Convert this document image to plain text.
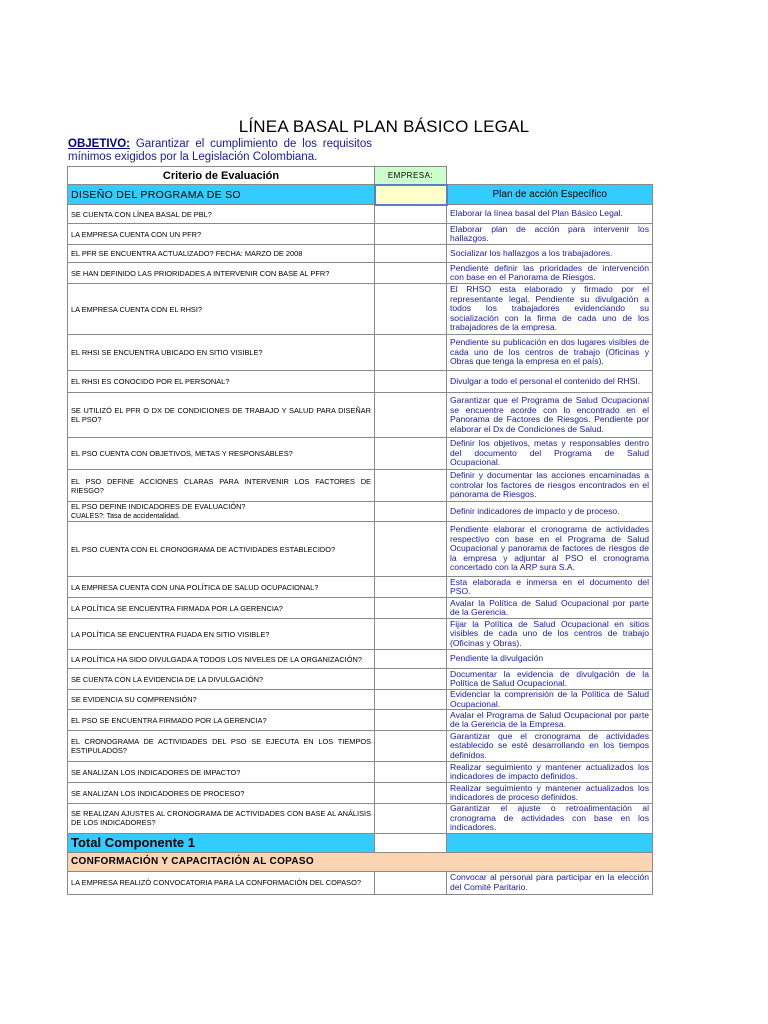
LÍNEA BASAL PLAN BÁSICO LEGAL
OBJETIVO: Garantizar el cumplimiento de los requisitos mínimos exigidos por la Legislación Colombiana.
Criterio de Evaluación	EMPRESA:	
DISEÑO DEL PROGRAMA DE SO		Plan de acción Específico
SE CUENTA CON LÍNEA BASAL DE PBL?		Elaborar la línea basal del Plan Básico Legal.
LA EMPRESA CUENTA CON UN PFR?		Elaborar plan de acción para intervenir los hallazgos.
EL PFR SE ENCUENTRA ACTUALIZADO? FECHA: MARZO DE 2008		Socializar los hallazgos a los trabajadores.
SE HAN DEFINIDO LAS PRIORIDADES A INTERVENIR CON BASE AL PFR?		Pendiente definir las prioridades de intervención con base en el Panorama de Riesgos.
LA EMPRESA CUENTA CON EL RHSI?		El RHSO esta elaborado y firmado por el representante legal. Pendiente su divulgación a todos los trabajadores evidenciando su socialización con la firma de cada uno de los trabajadores de la empresa.
EL RHSI SE ENCUENTRA UBICADO EN SITIO VISIBLE?		Pendiente su publicación en dos lugares visibles de cada uno de los centros de trabajo (Oficinas y Obras que tenga la empresa en el país).
EL RHSI ES CONOCIDO POR EL PERSONAL?		Divulgar a todo el personal el contenido del RHSI.
SE UTILIZÓ EL PFR O DX DE CONDICIONES DE TRABAJO Y SALUD PARA DISEÑAR EL PSO?		Garantizar que el Programa de Salud Ocupacional se encuentre acorde con lo encontrado en el Panorama de Factores de Riesgos. Pendiente por elaborar el Dx de Condiciones de Salud.
EL PSO CUENTA CON OBJETIVOS, METAS Y RESPONSABLES?		Definir los objetivos, metas y responsables dentro del documento del Programa de Salud Ocupacional.
EL PSO DEFINE ACCIONES CLARAS PARA INTERVENIR LOS FACTORES DE RIESGO?		Definir y documentar las acciones encaminadas a controlar los factores de riesgos encontrados en el panorama de Riesgos.
EL PSO DEFINE INDICADORES DE EVALUACIÓN?
CUALES?: Tasa de accidentalidad.		Definir indicadores de impacto y de proceso.
EL PSO CUENTA CON EL CRONOGRAMA DE ACTIVIDADES ESTABLECIDO?		Pendiente elaborar el cronograma de actividades respectivo con base en el Programa de Salud Ocupacional y panorama de factores de riesgos de la empresa y adjuntar al PSO el cronograma concertado con la ARP sura S.A.
LA EMPRESA CUENTA CON UNA POLÍTICA DE SALUD OCUPACIONAL?		Esta elaborada e inmersa en el documento del PSO.
LA POLÍTICA SE ENCUENTRA FIRMADA POR LA GERENCIA?		Avalar la Política de Salud Ocupacional por parte de la Gerencia.
LA POLÍTICA SE ENCUENTRA FIJADA EN SITIO VISIBLE?		Fijar la Política de Salud Ocupacional en sitios visibles de cada uno de los centros de trabajo (Oficinas y Obras).
LA POLÍTICA HA SIDO DIVULGADA A TODOS LOS NIVELES DE LA ORGANIZACIÓN?		Pendiente la divulgación
SE CUENTA CON LA EVIDENCIA DE LA DIVULGACIÓN?		Documentar la evidencia de divulgación de la Política de Salud Ocupacional.
SE EVIDENCIA SU COMPRENSIÓN?		Evidenciar la comprensión de la Política de Salud Ocupacional.
EL PSO SE ENCUENTRA FIRMADO POR LA GERENCIA?		Avalar el Programa de Salud Ocupacional por parte de la Gerencia de la Empresa.
EL CRONOGRAMA DE ACTIVIDADES DEL PSO SE EJECUTA EN LOS TIEMPOS ESTIPULADOS?		Garantizar que el cronograma de actividades establecido se esté desarrollando en los tiempos definidos.
SE ANALIZAN LOS INDICADORES DE IMPACTO?		Realizar seguimiento y mantener actualizados los indicadores de impacto definidos.
SE ANALIZAN LOS INDICADORES DE PROCESO?		Realizar seguimiento y mantener actualizados los indicadores de proceso definidos.
SE REALIZAN AJUSTES AL CRONOGRAMA DE ACTIVIDADES CON BASE AL ANÁLISIS DE LOS INDICADORES?		Garantizar el ajuste o retroalimentación al cronograma de actividades con base en los indicadores.
Total Componente 1		
CONFORMACIÓN Y CAPACITACIÓN AL COPASO		
LA EMPRESA REALIZÓ CONVOCATORIA PARA LA CONFORMACIÓN DEL COPASO?		Convocar al personal para participar en la elección del Comité Paritario.
